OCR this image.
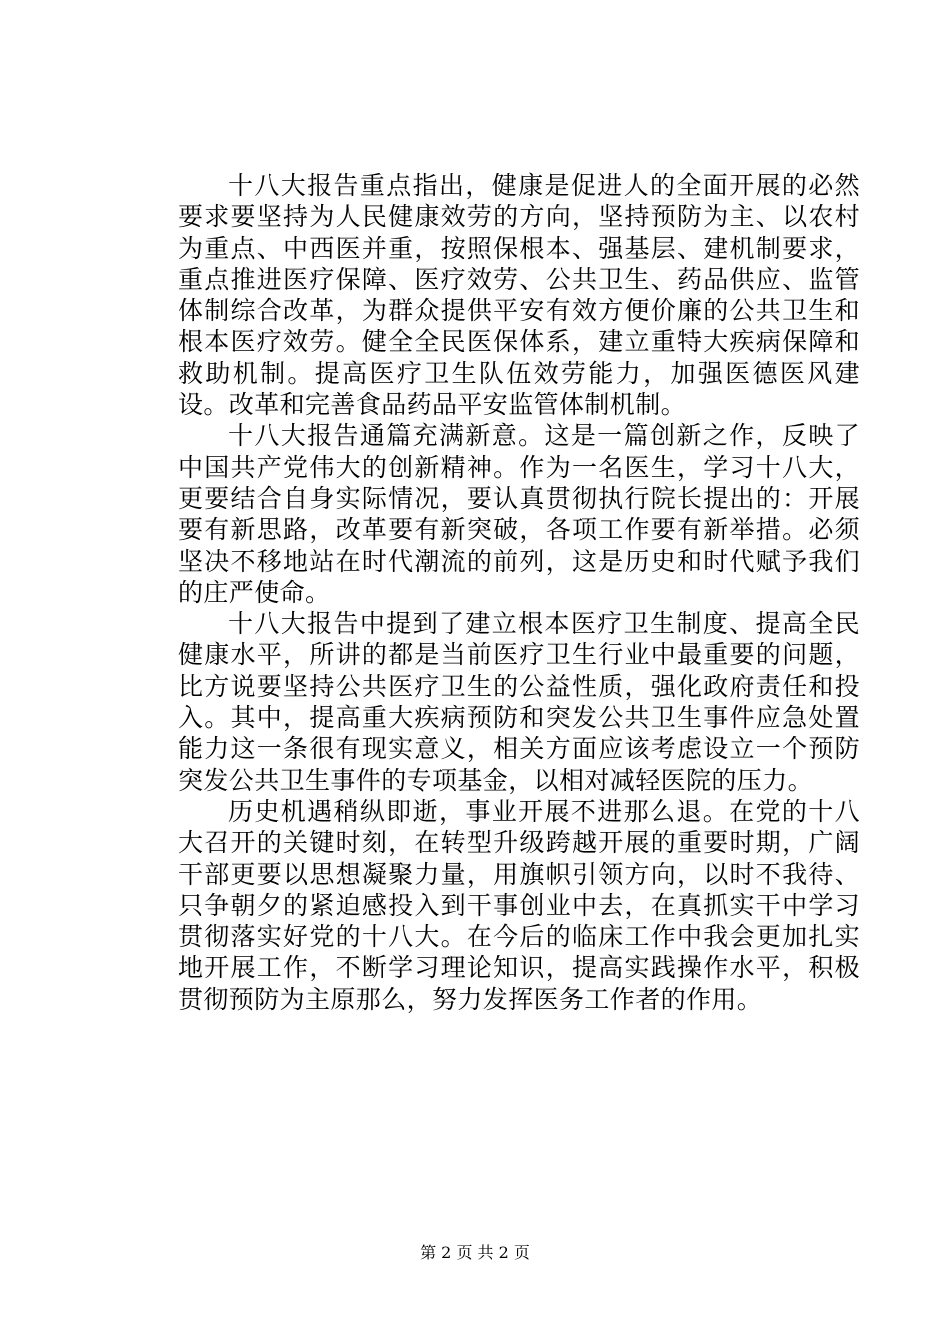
十八大报告重点指出，健康是促进人的全面开展的必然要求要坚持为人民健康效劳的方向，坚持预防为主、以农村为重点、中西医并重，按照保根本、强基层、建机制要求，重点推进医疗保障、医疗效劳、公共卫生、药品供应、监管体制综合改革，为群众提供平安有效方便价廉的公共卫生和根本医疗效劳。健全全民医保体系，建立重特大疾病保障和救助机制。提高医疗卫生队伍效劳能力，加强医德医风建设。改革和完善食品药品平安监管体制机制。

十八大报告通篇充满新意。这是一篇创新之作，反映了中国共产党伟大的创新精神。作为一名医生，学习十八大，更要结合自身实际情况，要认真贯彻执行院长提出的：开展要有新思路，改革要有新突破，各项工作要有新举措。必须坚决不移地站在时代潮流的前列，这是历史和时代赋予我们的庄严使命。

十八大报告中提到了建立根本医疗卫生制度、提高全民健康水平，所讲的都是当前医疗卫生行业中最重要的问题，比方说要坚持公共医疗卫生的公益性质，强化政府责任和投入。其中，提高重大疾病预防和突发公共卫生事件应急处置能力这一条很有现实意义，相关方面应该考虑设立一个预防突发公共卫生事件的专项基金，以相对减轻医院的压力。

历史机遇稍纵即逝，事业开展不进那么退。在党的十八大召开的关键时刻，在转型升级跨越开展的重要时期，广阔干部更要以思想凝聚力量，用旗帜引领方向，以时不我待、只争朝夕的紧迫感投入到干事创业中去，在真抓实干中学习贯彻落实好党的十八大。在今后的临床工作中我会更加扎实地开展工作，不断学习理论知识，提高实践操作水平，积极贯彻预防为主原那么，努力发挥医务工作者的作用。

第 2 页 共 2 页
